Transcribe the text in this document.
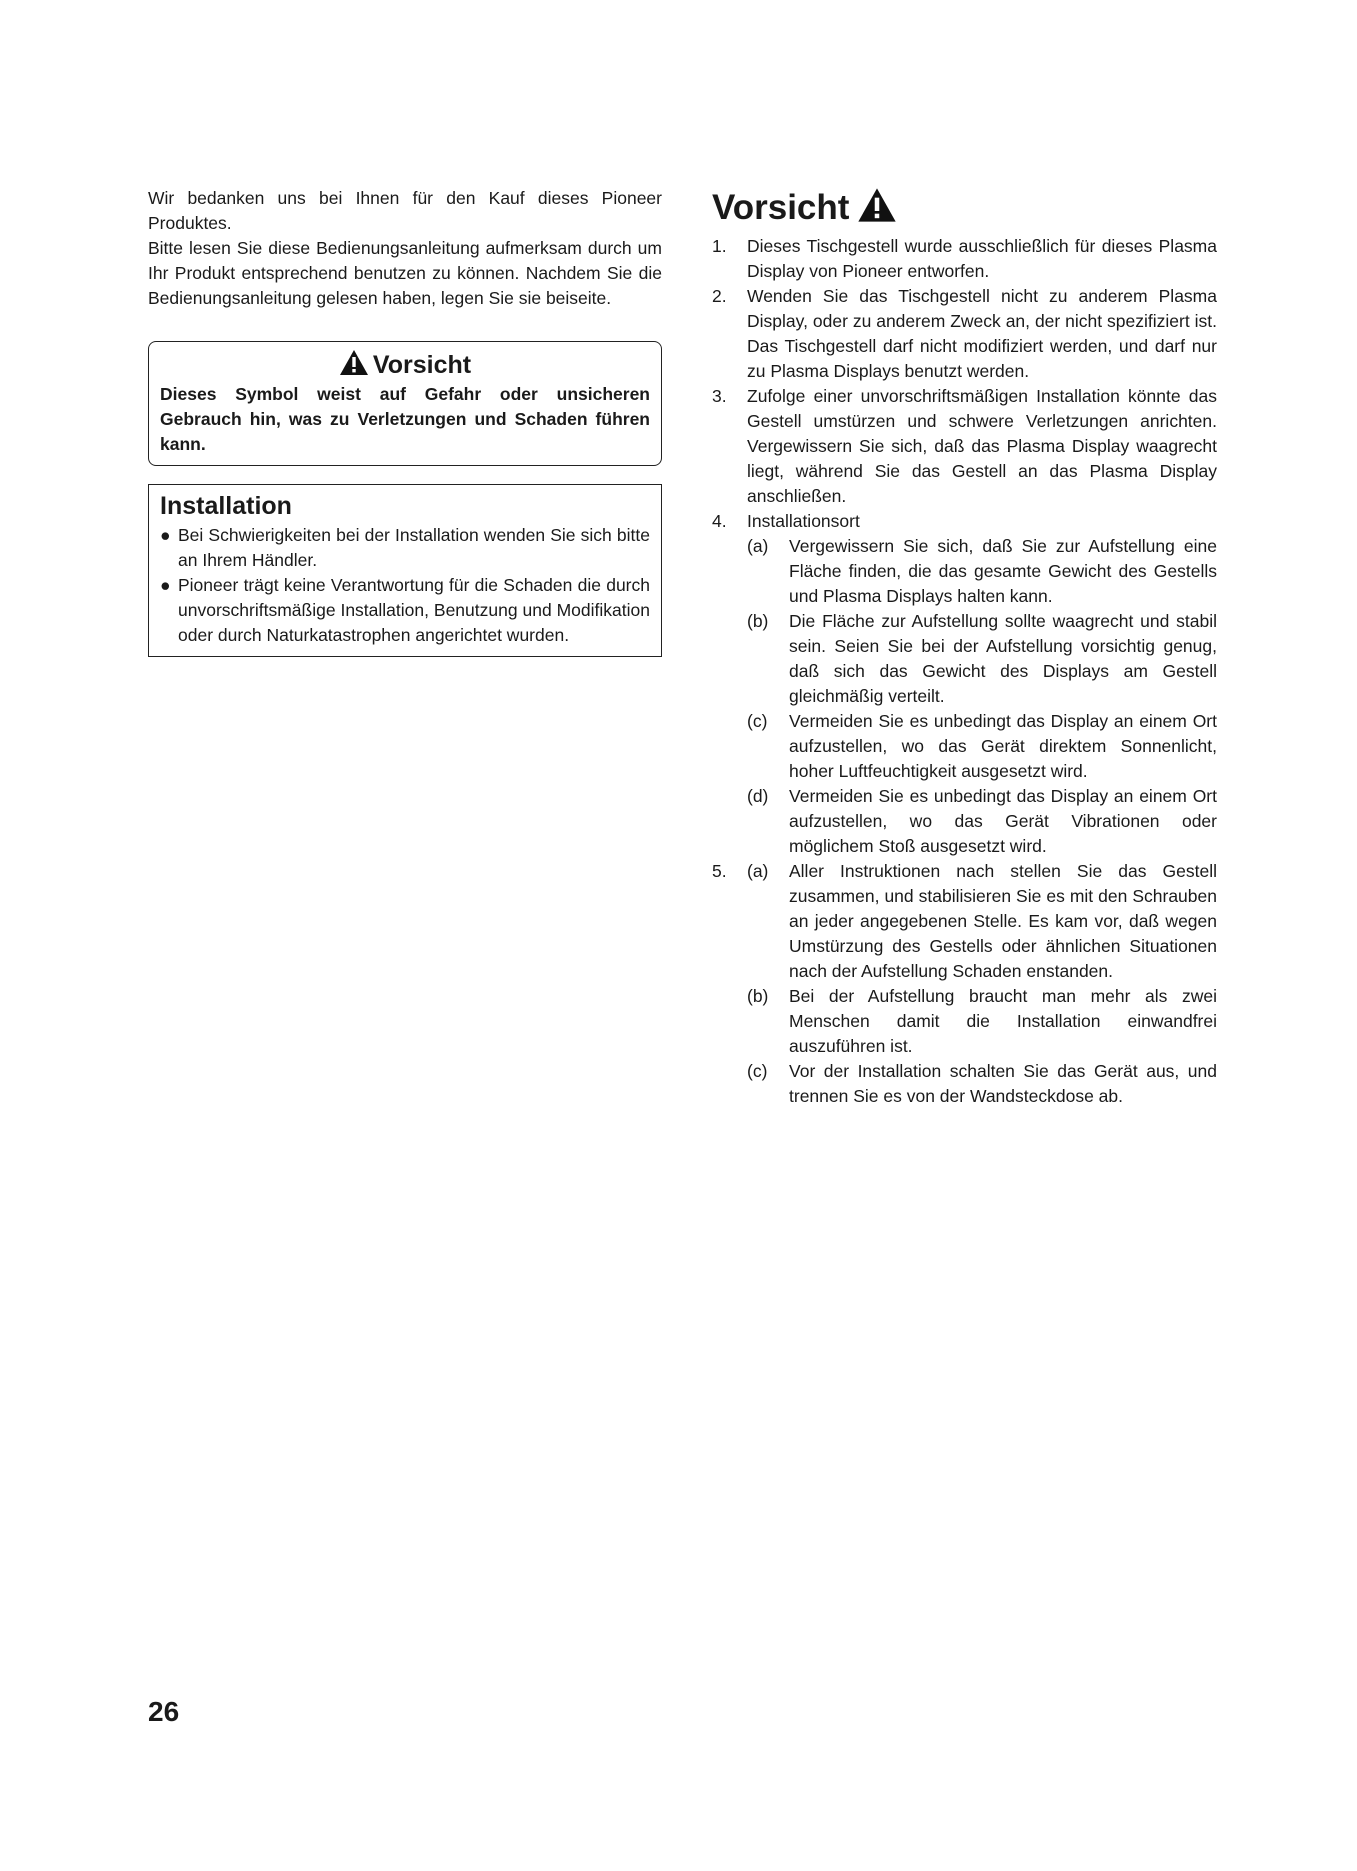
Wir bedanken uns bei Ihnen für den Kauf dieses Pioneer Produktes.

Bitte lesen Sie diese Bedienungsanleitung aufmerksam durch um Ihr Produkt entsprechend benutzen zu können. Nachdem Sie die Bedienungsanleitung gelesen haben, legen Sie sie beiseite.

Vorsicht
Dieses Symbol weist auf Gefahr oder unsicheren Gebrauch hin, was zu Verletzungen und Schaden führen kann.
Installation
● Bei Schwierigkeiten bei der Installation wenden Sie sich bitte an Ihrem Händler.
● Pioneer trägt keine Verantwortung für die Schaden die durch unvorschriftsmäßige Installation, Benutzung und Modifikation oder durch Naturkatastrophen angerichtet wurden.
Vorsicht
1. Dieses Tischgestell wurde ausschließlich für dieses Plasma Display von Pioneer entworfen.
2. Wenden Sie das Tischgestell nicht zu anderem Plasma Display, oder zu anderem Zweck an, der nicht spezifiziert ist. Das Tischgestell darf nicht modifiziert werden, und darf nur zu Plasma Displays benutzt werden.
3. Zufolge einer unvorschriftsmäßigen Installation könnte das Gestell umstürzen und schwere Verletzungen anrichten. Vergewissern Sie sich, daß das Plasma Display waagrecht liegt, während Sie das Gestell an das Plasma Display anschließen.
4. Installationsort
(a) Vergewissern Sie sich, daß Sie zur Aufstellung eine Fläche finden, die das gesamte Gewicht des Gestells und Plasma Displays halten kann.
(b) Die Fläche zur Aufstellung sollte waagrecht und stabil sein. Seien Sie bei der Aufstellung vorsichtig genug, daß sich das Gewicht des Displays am Gestell gleichmäßig verteilt.
(c) Vermeiden Sie es unbedingt das Display an einem Ort aufzustellen, wo das Gerät direktem Sonnenlicht, hoher Luftfeuchtigkeit ausgesetzt wird.
(d) Vermeiden Sie es unbedingt das Display an einem Ort aufzustellen, wo das Gerät Vibrationen oder möglichem Stoß ausgesetzt wird.
5. (a) Aller Instruktionen nach stellen Sie das Gestell zusammen, und stabilisieren Sie es mit den Schrauben an jeder angegebenen Stelle. Es kam vor, daß wegen Umstürzung des Gestells oder ähnlichen Situationen nach der Aufstellung Schaden enstanden.
(b) Bei der Aufstellung braucht man mehr als zwei Menschen damit die Installation einwandfrei auszuführen ist.
(c) Vor der Installation schalten Sie das Gerät aus, und trennen Sie es von der Wandsteckdose ab.
26
